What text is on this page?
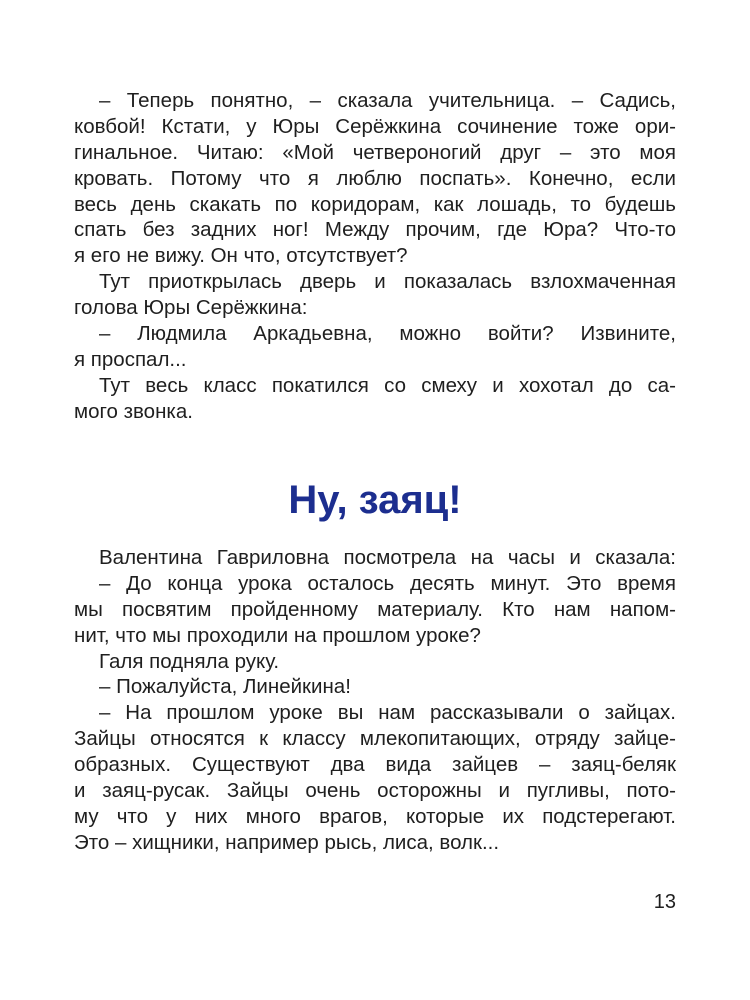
– Теперь понятно, – сказала учительница. – Садись,
ковбой! Кстати, у Юры Серёжкина сочинение тоже ори-
гинальное. Читаю: «Мой четвероногий друг – это моя
кровать. Потому что я люблю поспать». Конечно, если
весь день скакать по коридорам, как лошадь, то будешь
спать без задних ног! Между прочим, где Юра? Что-то
я его не вижу. Он что, отсутствует?
Тут приоткрылась дверь и показалась взлохмаченная
голова Юры Серёжкина:
– Людмила Аркадьевна, можно войти? Извините,
я проспал...
Тут весь класс покатился со смеху и хохотал до са-
мого звонка.
Ну, заяц!
Валентина Гавриловна посмотрела на часы и сказала:
– До конца урока осталось десять минут. Это время
мы посвятим пройденному материалу. Кто нам напом-
нит, что мы проходили на прошлом уроке?
Галя подняла руку.
– Пожалуйста, Линейкина!
– На прошлом уроке вы нам рассказывали о зайцах.
Зайцы относятся к классу млекопитающих, отряду зайце-
образных. Существуют два вида зайцев – заяц-беляк
и заяц-русак. Зайцы очень осторожны и пугливы, пото-
му что у них много врагов, которые их подстерегают.
Это – хищники, например рысь, лиса, волк...
13
